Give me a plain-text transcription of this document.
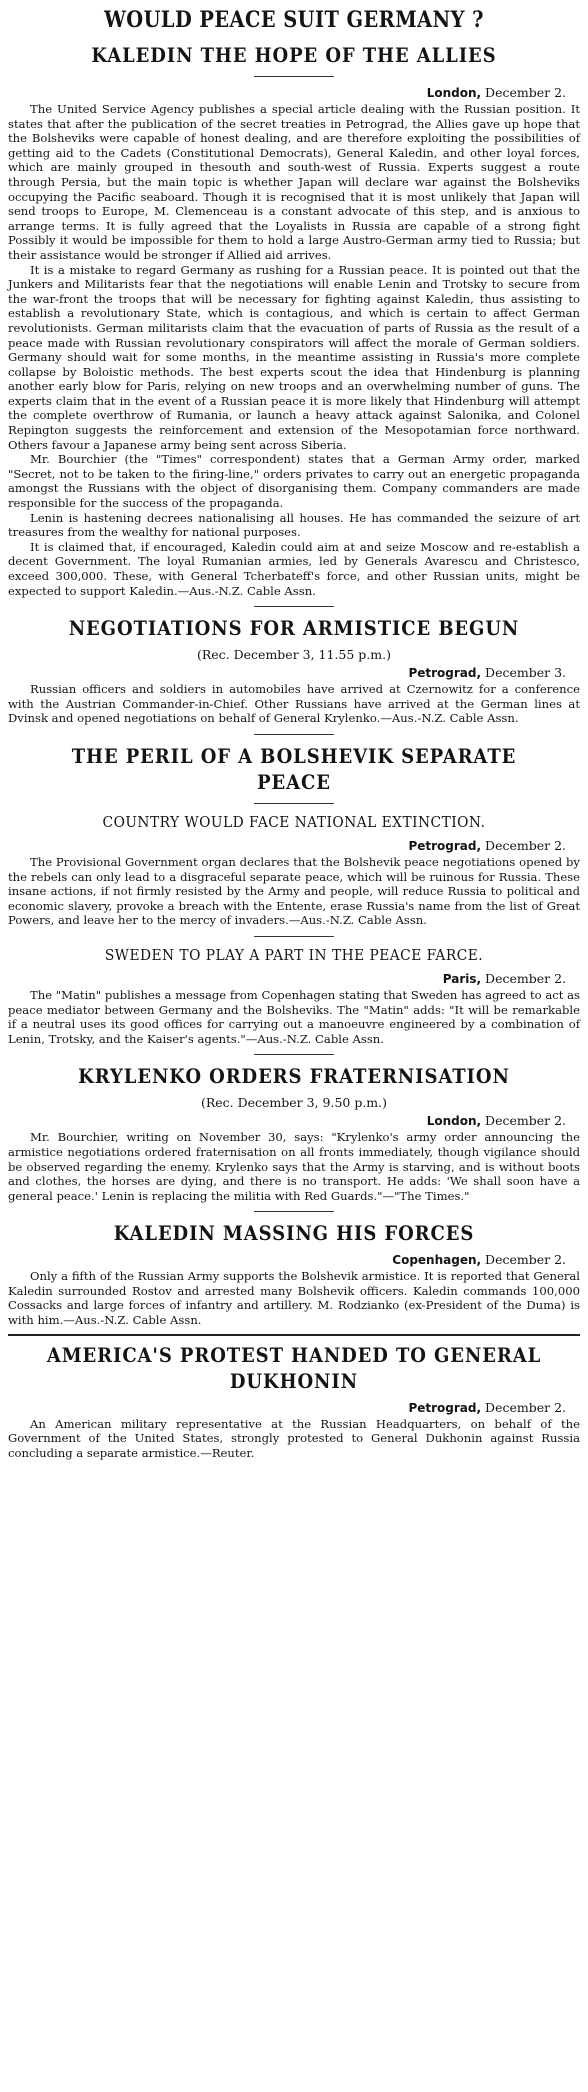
WOULD PEACE SUIT GERMANY ?
KALEDIN THE HOPE OF THE ALLIES
London, December 2.

The United Service Agency publishes a special article dealing with the Russian position. It states that after the publication of the secret treaties in Petrograd, the Allies gave up hope that the Bolsheviks were capable of honest dealing, and are therefore exploiting the possibilities of getting aid to the Cadets (Constitutional Democrats), General Kaledin, and other loyal forces, which are mainly grouped in thesouth and south-west of Russia. Experts suggest a route through Persia, but the main topic is whether Japan will declare war against the Bolsheviks occupying the Pacific seaboard. Though it is recognised that it is most unlikely that Japan will send troops to Europe, M. Clemenceau is a constant advocate of this step, and is anxious to arrange terms. It is fully agreed that the Loyalists in Russia are capable of a strong fight Possibly it would be impossible for them to hold a large Austro-German army tied to Russia; but their assistance would be stronger if Allied aid arrives.

It is a mistake to regard Germany as rushing for a Russian peace. It is pointed out that the Junkers and Militarists fear that the negotiations will enable Lenin and Trotsky to secure from the war-front the troops that will be necessary for fighting against Kaledin, thus assisting to establish a revolutionary State, which is contagious, and which is certain to affect German revolutionists. German militarists claim that the evacuation of parts of Russia as the result of a peace made with Russian revolutionary conspirators will affect the morale of German soldiers. Germany should wait for some months, in the meantime assisting in Russia's more complete collapse by Boloistic methods. The best experts scout the idea that Hindenburg is planning another early blow for Paris, relying on new troops and an overwhelming number of guns. The experts claim that in the event of a Russian peace it is more likely that Hindenburg will attempt the complete overthrow of Rumania, or launch a heavy attack against Salonika, and Colonel Repington suggests the reinforcement and extension of the Mesopotamian force northward. Others favour a Japanese army being sent across Siberia.

Mr. Bourchier (the "Times" correspondent) states that a German Army order, marked "Secret, not to be taken to the firing-line," orders privates to carry out an energetic propaganda amongst the Russians with the object of disorganising them. Company commanders are made responsible for the success of the propaganda.

Lenin is hastening decrees nationalising all houses. He has commanded the seizure of art treasures from the wealthy for national purposes.

It is claimed that, if encouraged, Kaledin could aim at and seize Moscow and re-establish a decent Government. The loyal Rumanian armies, led by Generals Avarescu and Christesco, exceed 300,000. These, with General Tcherbateff's force, and other Russian units, might be expected to support Kaledin.—Aus.-N.Z. Cable Assn.

NEGOTIATIONS FOR ARMISTICE BEGUN
(Rec. December 3, 11.55 p.m.)
Petrograd, December 3.

Russian officers and soldiers in automobiles have arrived at Czernowitz for a conference with the Austrian Commander-in-Chief. Other Russians have arrived at the German lines at Dvinsk and opened negotiations on behalf of General Krylenko.—Aus.-N.Z. Cable Assn.

THE PERIL OF A BOLSHEVIK SEPARATE PEACE
COUNTRY WOULD FACE NATIONAL EXTINCTION.
Petrograd, December 2.

The Provisional Government organ declares that the Bolshevik peace negotiations opened by the rebels can only lead to a disgraceful separate peace, which will be ruinous for Russia. These insane actions, if not firmly resisted by the Army and people, will reduce Russia to political and economic slavery, provoke a breach with the Entente, erase Russia's name from the list of Great Powers, and leave her to the mercy of invaders.—Aus.-N.Z. Cable Assn.

SWEDEN TO PLAY A PART IN THE PEACE FARCE.
Paris, December 2.

The "Matin" publishes a message from Copenhagen stating that Sweden has agreed to act as peace mediator between Germany and the Bolsheviks. The "Matin" adds: "It will be remarkable if a neutral uses its good offices for carrying out a manoeuvre engineered by a combination of Lenin, Trotsky, and the Kaiser's agents."—Aus.-N.Z. Cable Assn.

KRYLENKO ORDERS FRATERNISATION
(Rec. December 3, 9.50 p.m.)
London, December 2.

Mr. Bourchier, writing on November 30, says: "Krylenko's army order announcing the armistice negotiations ordered fraternisation on all fronts immediately, though vigilance should be observed regarding the enemy. Krylenko says that the Army is starving, and is without boots and clothes, the horses are dying, and there is no transport. He adds: 'We shall soon have a general peace.' Lenin is replacing the militia with Red Guards."—"The Times."

KALEDIN MASSING HIS FORCES
Copenhagen, December 2.

Only a fifth of the Russian Army supports the Bolshevik armistice. It is reported that General Kaledin surrounded Rostov and arrested many Bolshevik officers. Kaledin commands 100,000 Cossacks and large forces of infantry and artillery. M. Rodzianko (ex-President of the Duma) is with him.—Aus.-N.Z. Cable Assn.

AMERICA'S PROTEST HANDED TO GENERAL DUKHONIN
Petrograd, December 2.

An American military representative at the Russian Headquarters, on behalf of the Government of the United States, strongly protested to General Dukhonin against Russia concluding a separate armistice.—Reuter.
